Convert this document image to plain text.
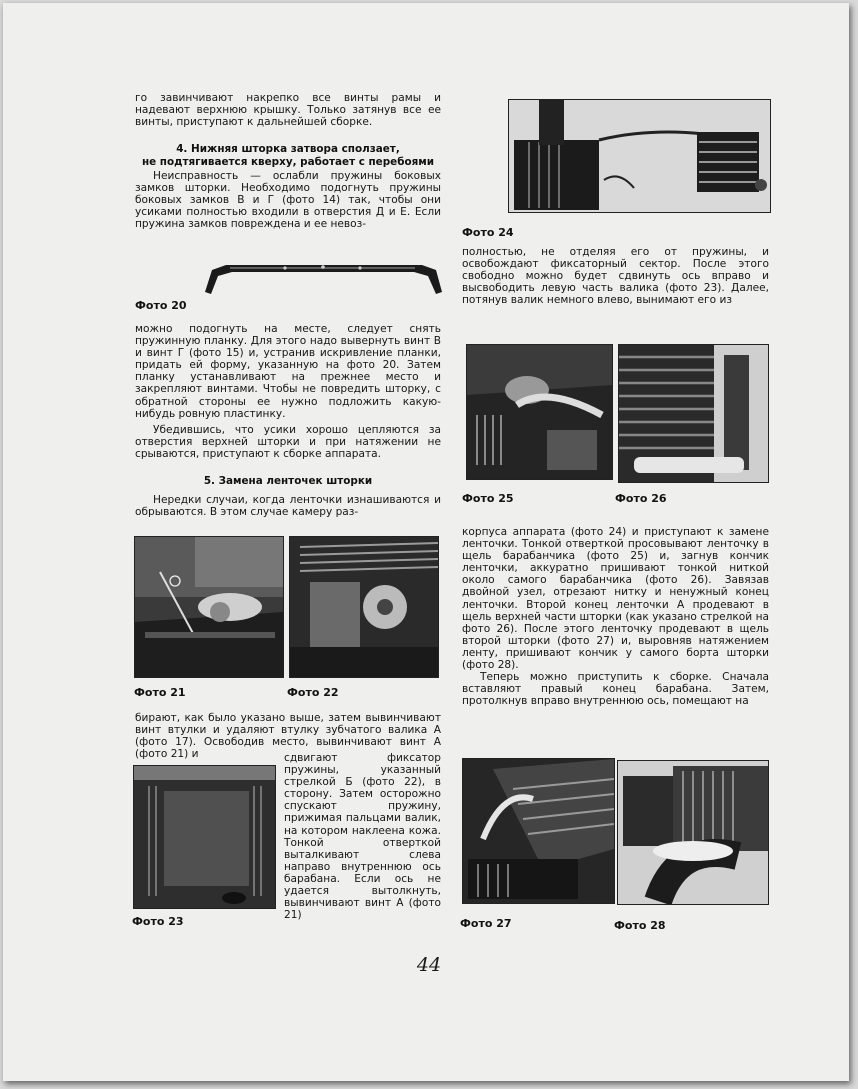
го завинчивают накрепко все винты рамы и надевают верхнюю крышку. Только затянув все ее винты, приступают к дальнейшей сборке.

4. Нижняя шторка затвора сползает,
не подтягивается кверху, работает с перебоями

Неисправность — ослабли пружины боковых замков шторки. Необходимо подогнуть пружины боковых замков В и Г (фото 14) так, чтобы они усиками полностью входили в отверстия Д и Е. Если пружина замков повреждена и ее невоз-

Фото 20

можно подогнуть на месте, следует снять пружинную планку. Для этого надо вывернуть винт В и винт Г (фото 15) и, устранив искривление планки, придать ей форму, указанную на фото 20. Затем планку устанавливают на прежнее место и закрепляют винтами. Чтобы не повредить шторку, с обратной стороны ее нужно подложить какую-нибудь ровную пластинку.

Убедившись, что усики хорошо цепляются за отверстия верхней шторки и при натяжении не срываются, приступают к сборке аппарата.

5. Замена ленточек шторки

Нередки случаи, когда ленточки изнашиваются и обрываются. В этом случае камеру раз-

Фото 21	Фото 22

бирают, как было указано выше, затем вывинчивают винт втулки и удаляют втулку зубчатого валика А (фото 17). Освободив место, вывинчивают винт А (фото 21) и

Фото 23

сдвигают фиксатор пружины, указанный стрелкой Б (фото 22), в сторону. Затем осторожно спускают пружину, прижимая пальцами валик, на котором наклеена кожа. Тонкой отверткой выталкивают слева направо внутреннюю ось барабана. Если ось не удается вытолкнуть, вывинчивают винт А (фото 21)

Фото 24

полностью, не отделяя его от пружины, и освобождают фиксаторный сектор. После этого свободно можно будет сдвинуть ось вправо и высвободить левую часть валика (фото 23). Далее, потянув валик немного влево, вынимают его из

Фото 25	Фото 26

корпуса аппарата (фото 24) и приступают к замене ленточки. Тонкой отверткой просовывают ленточку в щель барабанчика (фото 25) и, загнув кончик ленточки, аккуратно пришивают тонкой ниткой около самого барабанчика (фото 26). Завязав двойной узел, отрезают нитку и ненужный конец ленточки. Второй конец ленточки А продевают в щель верхней части шторки (как указано стрелкой на фото 26). После этого ленточку продевают в щель второй шторки (фото 27) и, выровняв натяжением ленту, пришивают кончик у самого борта шторки (фото 28).

Теперь можно приступить к сборке. Сначала вставляют правый конец барабана. Затем, протолкнув вправо внутреннюю ось, помещают на

Фото 27	Фото 28
44
